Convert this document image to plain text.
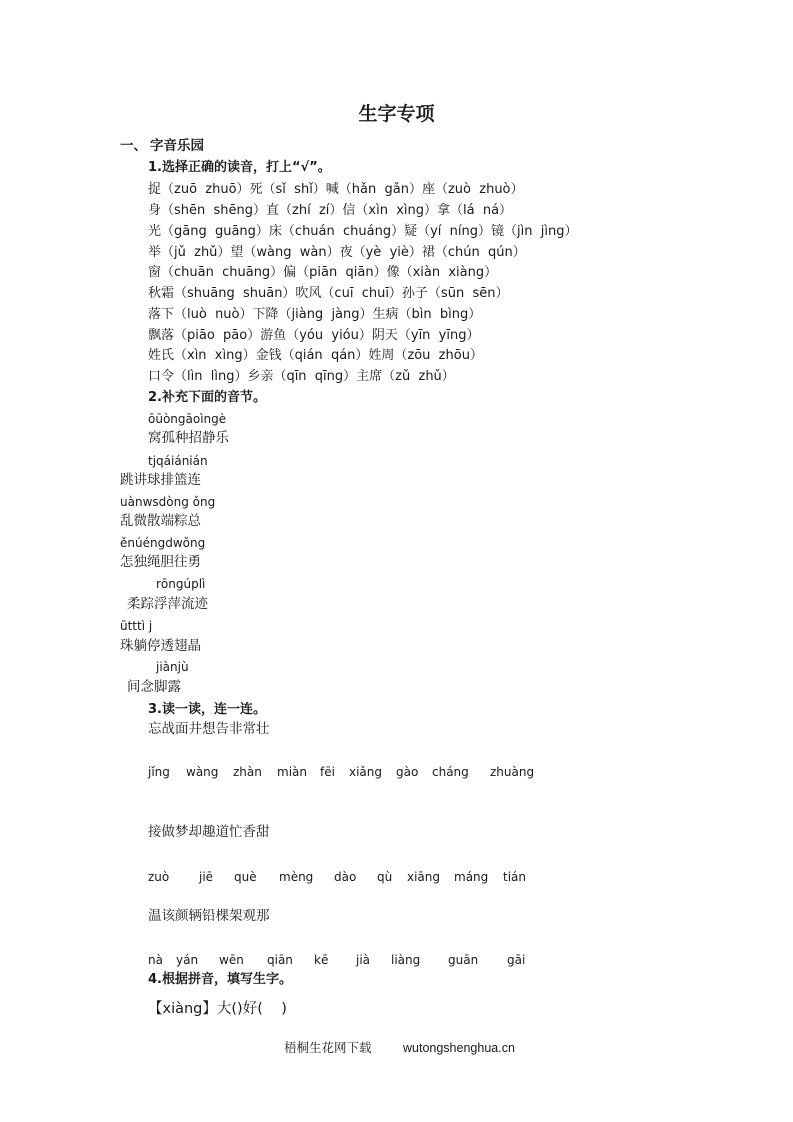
生字专项
一、 字音乐园
1.选择正确的读音，打上“√”。
捉（zuō  zhuō）死（sǐ  shǐ）喊（hǎn  gǎn）座（zuò  zhuò）
身（shēn  shēng）直（zhí  zí）信（xìn  xìng）拿（lá  ná）
光（gāng  guāng）床（chuán  chuáng）疑（yí  níng）镜（jìn  jìng）
举（jǔ  zhǔ）望（wàng  wàn）夜（yè  yiè）裙（chún  qún）
窗（chuān  chuāng）偏（piān  qiān）像（xiàn  xiàng）
秋霜（shuāng  shuān）吹风（cuī  chuī）孙子（sūn  sēn）
落下（luò  nuò）下降（jiàng  jàng）生病（bìn  bìng）
飘落（piāo  pāo）游鱼（yóu  yióu）阴天（yīn  yīng）
姓氏（xìn  xìng）金钱（qián  qán）姓周（zōu  zhōu）
口令（lìn  lìng）乡亲（qīn  qīng）主席（zǔ  zhǔ）
2.补充下面的音节。
ōūòngāoìngè
窝孤种招静乐
tjqáiánián
跳讲球排篮连
uànwsdòng ǒng
乱微散端粽总
ěnúéngdwǒng
怎独绳胆往勇
rōngúplì
柔踪浮萍流迹
ūtttì j
珠躺停透翅晶
jiànjù
间念脚露
3.读一读，连一连。
忘战面井想告非常壮
jǐng wàng zhàn miàn fēi xiǎng gào cháng zhuàng
接做梦却趣道忙香甜
zuò jiē què mèng dào qù xiāng máng tián
温该颜辆铅棵架观那
nà yán wēn qiān kē jià liàng guān gāi
4.根据拼音，填写生字。
【xiàng】大()好(    )
梧桐生花网下载	wutongshenghua.cn
